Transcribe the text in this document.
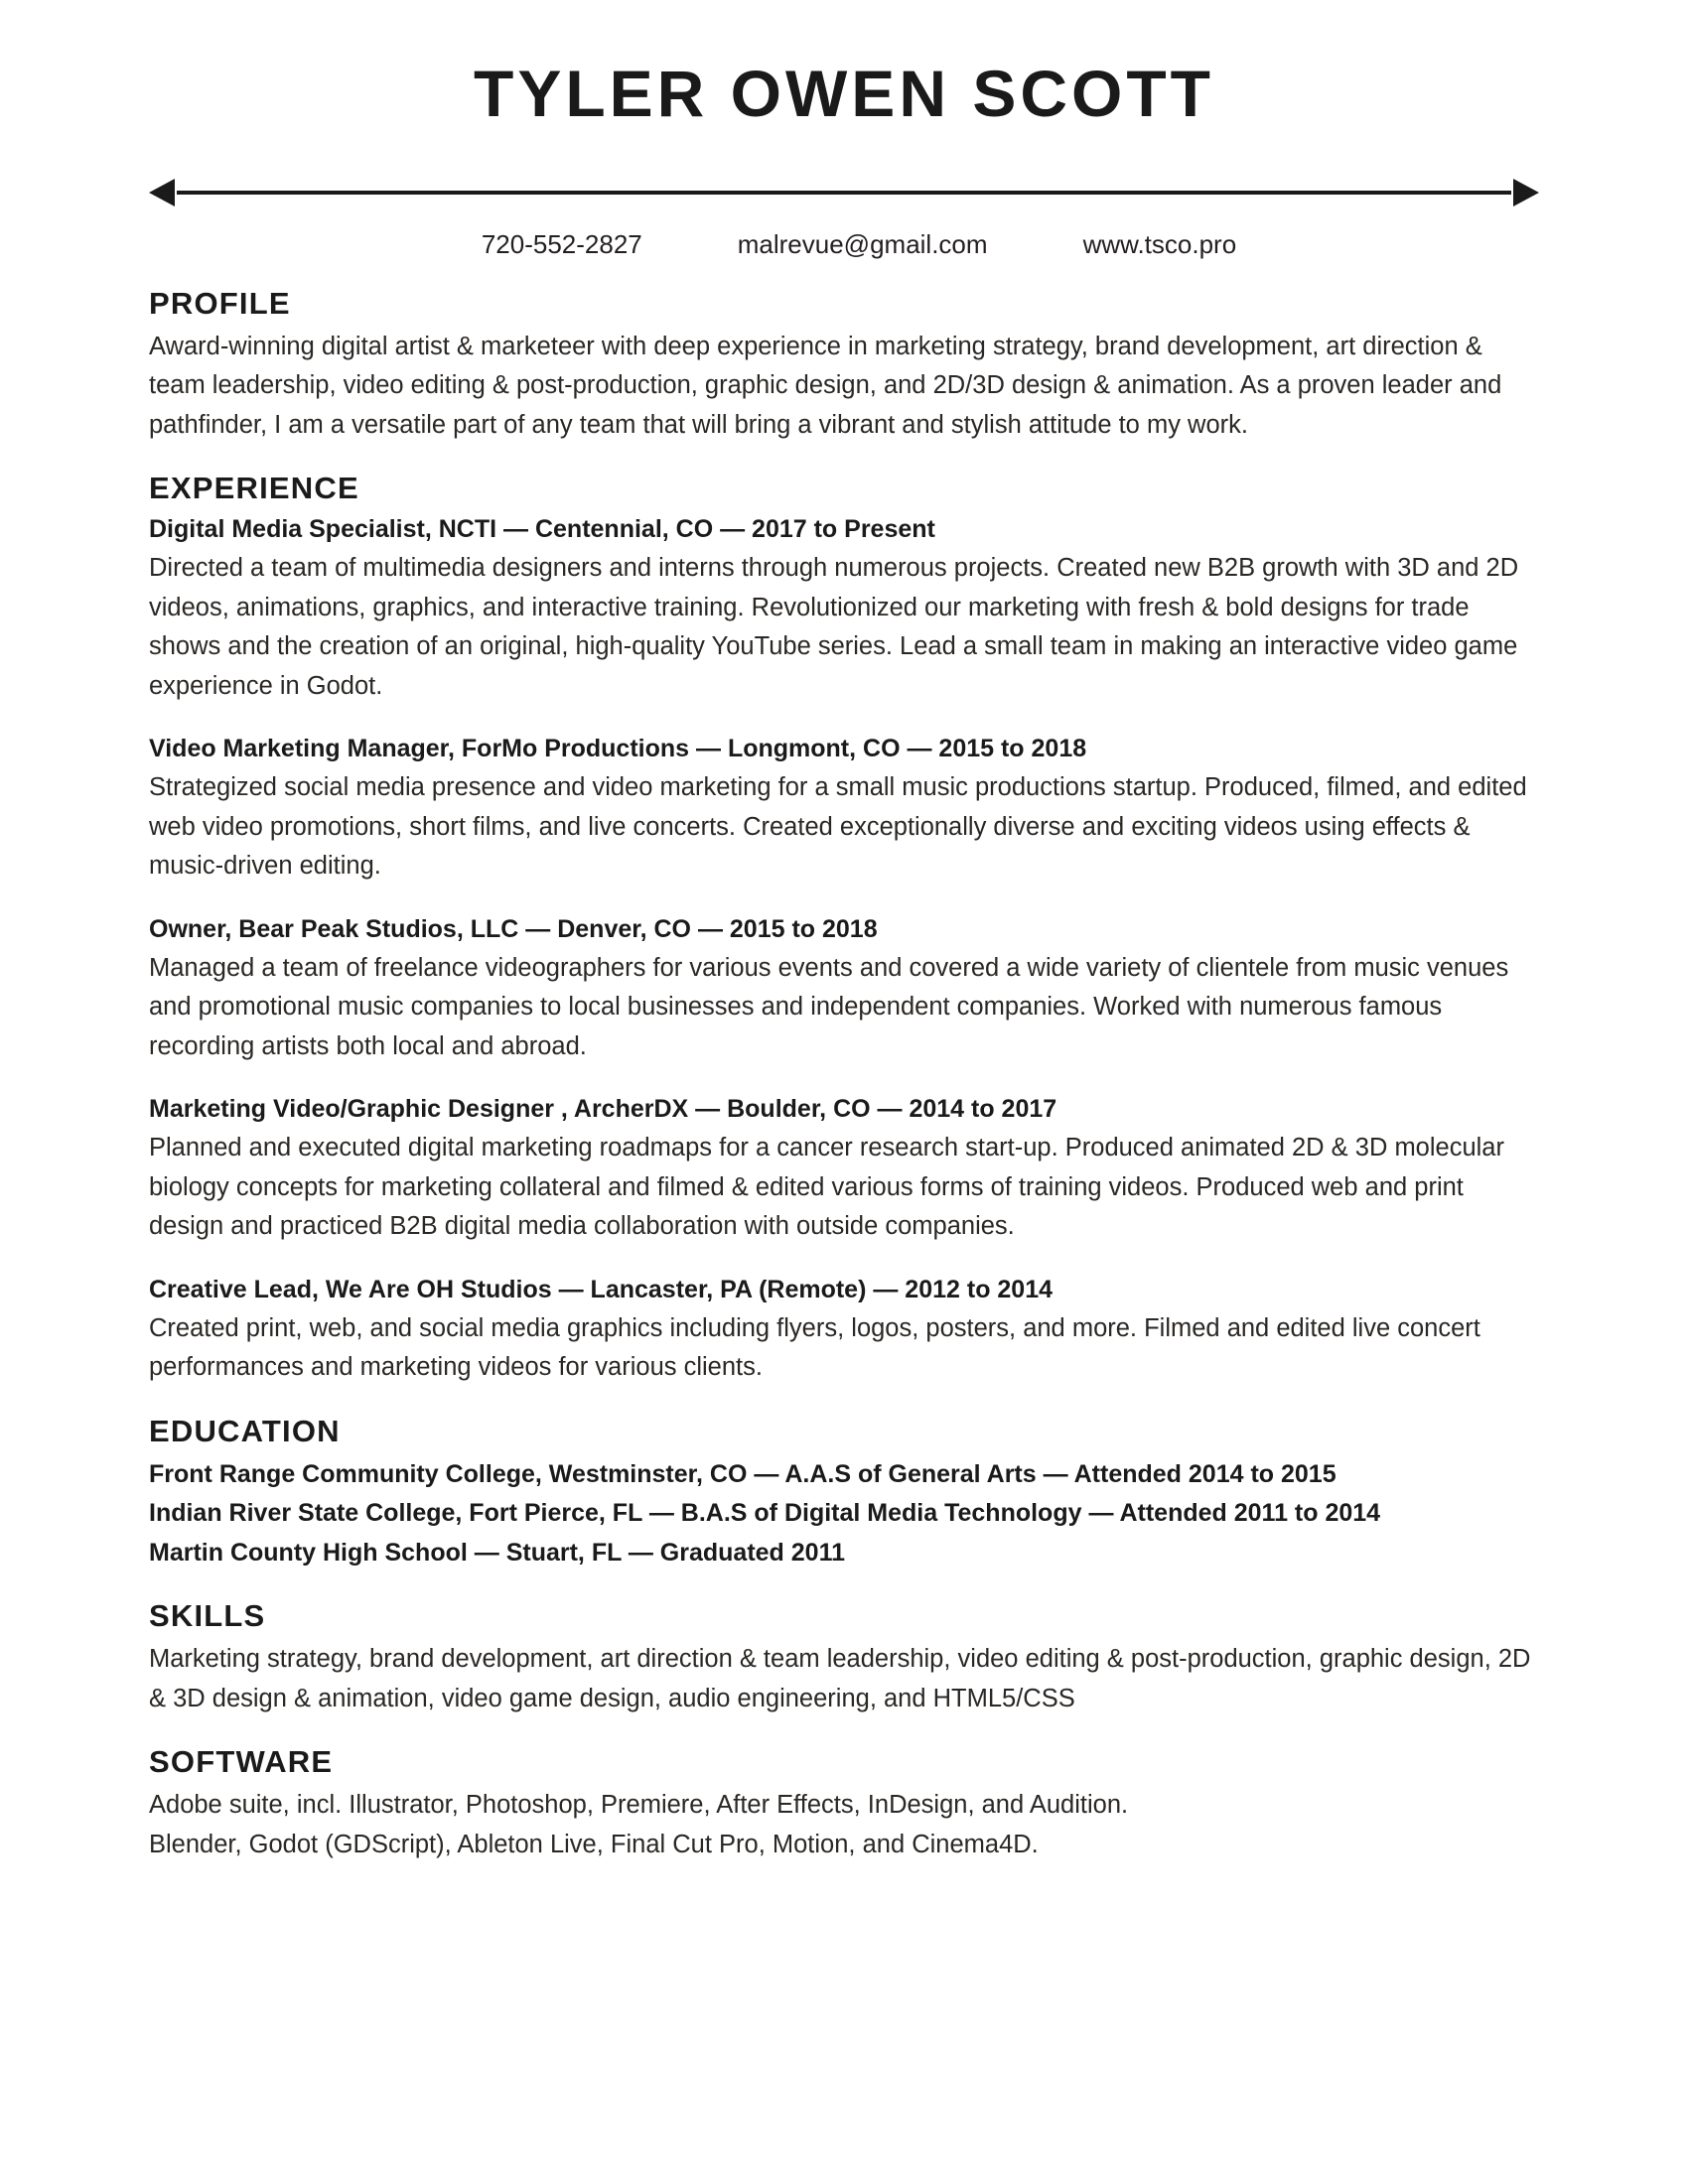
TYLER OWEN SCOTT
720-552-2827	malrevue@gmail.com	www.tsco.pro
PROFILE

Award-winning digital artist & marketeer with deep experience in marketing strategy, brand development, art direction & team leadership, video editing & post-production, graphic design, and 2D/3D design & animation. As a proven leader and pathfinder, I am a versatile part of any team that will bring a vibrant and stylish attitude to my work.

EXPERIENCE

Digital Media Specialist, NCTI — Centennial, CO — 2017 to Present

Directed a team of multimedia designers and interns through numerous projects. Created new B2B growth with 3D and 2D videos, animations, graphics, and interactive training. Revolutionized our marketing with fresh & bold designs for trade shows and the creation of an original, high-quality YouTube series. Lead a small team in making an interactive video game experience in Godot.

Video Marketing Manager, ForMo Productions — Longmont, CO — 2015 to 2018

Strategized social media presence and video marketing for a small music productions startup. Produced, filmed, and edited web video promotions, short films, and live concerts. Created exceptionally diverse and exciting videos using effects & music-driven editing.

Owner, Bear Peak Studios, LLC — Denver, CO — 2015 to 2018

Managed a team of freelance videographers for various events and covered a wide variety of clientele from music venues and promotional music companies to local businesses and independent companies. Worked with numerous famous recording artists both local and abroad.

Marketing Video/Graphic Designer , ArcherDX — Boulder, CO — 2014 to 2017

Planned and executed digital marketing roadmaps for a cancer research start-up. Produced animated 2D & 3D molecular biology concepts for marketing collateral and filmed & edited various forms of training videos. Produced web and print design and practiced B2B digital media collaboration with outside companies.

Creative Lead, We Are OH Studios — Lancaster, PA (Remote) — 2012 to 2014

Created print, web, and social media graphics including flyers, logos, posters, and more. Filmed and edited live concert performances and marketing videos for various clients.

EDUCATION

Front Range Community College, Westminster, CO — A.A.S of General Arts — Attended 2014 to 2015

Indian River State College, Fort Pierce, FL — B.A.S of Digital Media Technology — Attended 2011 to 2014

Martin County High School — Stuart, FL — Graduated 2011

SKILLS

Marketing strategy, brand development, art direction & team leadership, video editing & post-production, graphic design, 2D & 3D design & animation, video game design, audio engineering, and HTML5/CSS

SOFTWARE

Adobe suite, incl. Illustrator, Photoshop, Premiere, After Effects, InDesign, and Audition.

Blender, Godot (GDScript), Ableton Live, Final Cut Pro, Motion, and Cinema4D.
